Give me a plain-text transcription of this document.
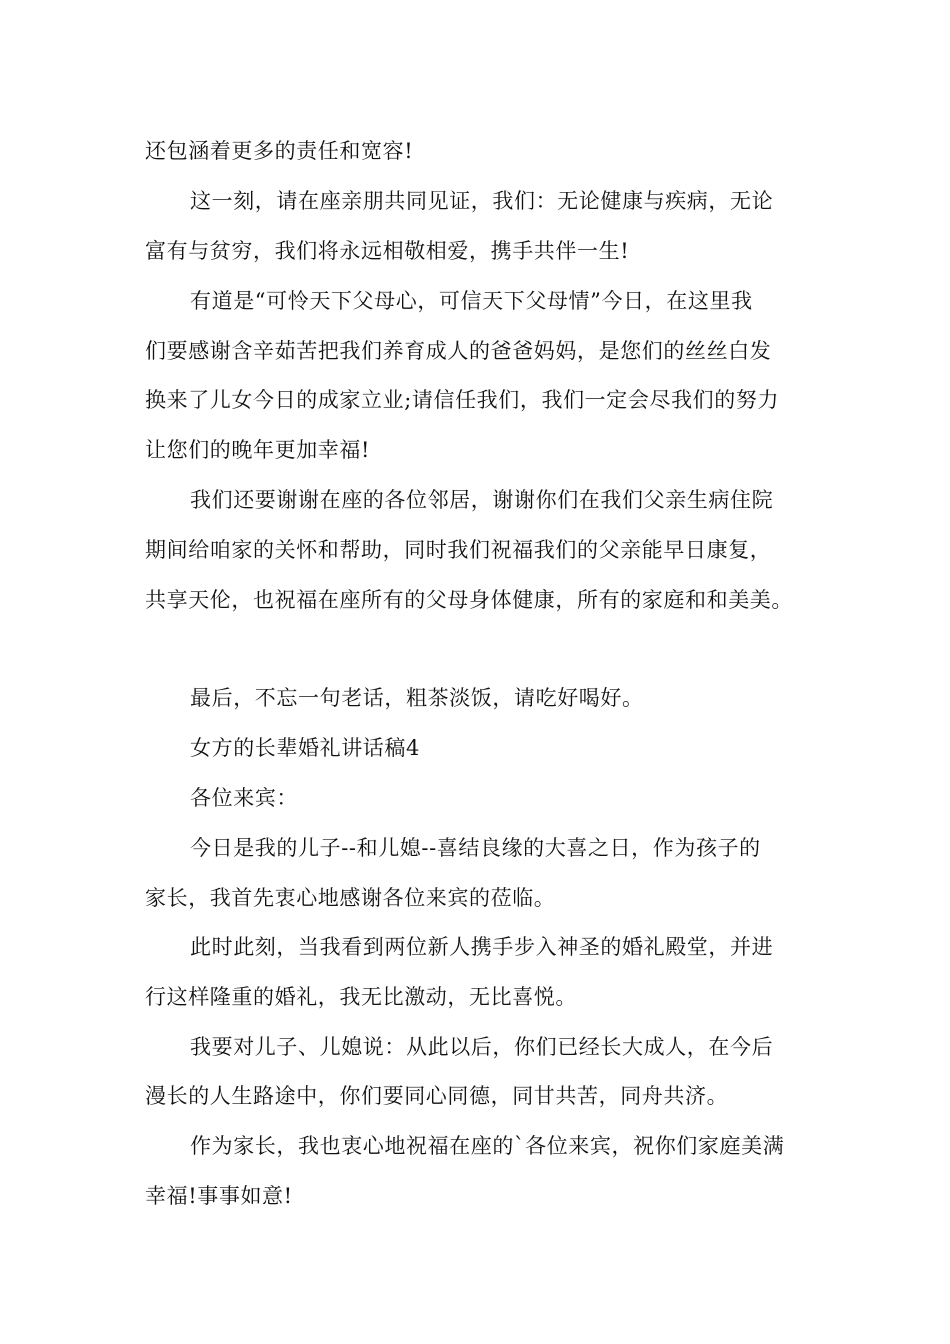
还包涵着更多的责任和宽容!
这一刻，请在座亲朋共同见证，我们：无论健康与疾病，无论
富有与贫穷，我们将永远相敬相爱，携手共伴一生!
有道是“可怜天下父母心，可信天下父母情”今日，在这里我
们要感谢含辛茹苦把我们养育成人的爸爸妈妈，是您们的丝丝白发
换来了儿女今日的成家立业;请信任我们，我们一定会尽我们的努力
让您们的晚年更加幸福!
我们还要谢谢在座的各位邻居，谢谢你们在我们父亲生病住院
期间给咱家的关怀和帮助，同时我们祝福我们的父亲能早日康复，
共享天伦，也祝福在座所有的父母身体健康，所有的家庭和和美美。
最后，不忘一句老话，粗茶淡饭，请吃好喝好。
女方的长辈婚礼讲话稿4
各位来宾：
今日是我的儿子--和儿媳--喜结良缘的大喜之日，作为孩子的
家长，我首先衷心地感谢各位来宾的莅临。
此时此刻，当我看到两位新人携手步入神圣的婚礼殿堂，并进
行这样隆重的婚礼，我无比激动，无比喜悦。
我要对儿子、儿媳说：从此以后，你们已经长大成人，在今后
漫长的人生路途中，你们要同心同德，同甘共苦，同舟共济。
作为家长，我也衷心地祝福在座的`各位来宾，祝你们家庭美满
幸福!事事如意!
